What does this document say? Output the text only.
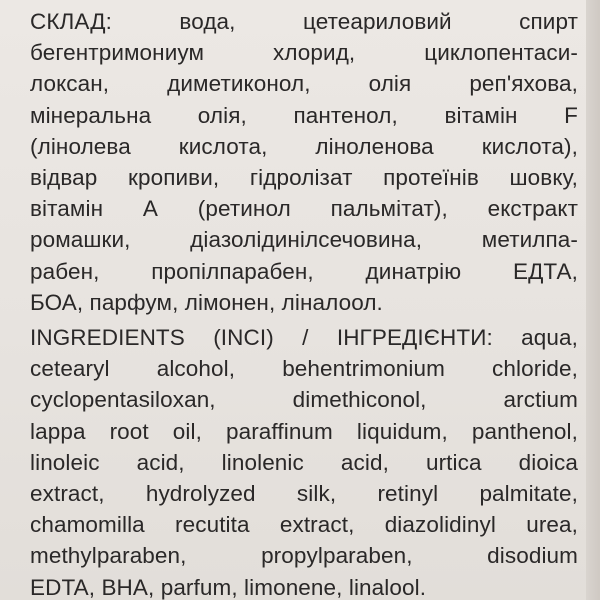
СКЛАД: вода, цетеариловий спирт
бегентримониум хлорид, циклопентаси-
локсан, диметиконол, олія реп'яхова,
мінеральна олія, пантенол, вітамін F
(лінолева кислота, ліноленова кислота),
відвар кропиви, гідролізат протеїнів шовку,
вітамін А (ретинол пальмітат), екстракт
ромашки, діазолідинілсечовина, метилпа-
рабен, пропілпарабен, динатрію ЕДТА,
БОА, парфум, лімонен, ліналоол.
INGREDIENTS (INCI) / ІНГРЕДІЄНТИ: aqua,
cetearyl alcohol, behentrimonium chloride,
cyclopentasiloxan, dimethiconol, arctium
lappa root oil, paraffinum liquidum, panthenol,
linoleic acid, linolenic acid, urtica dioica
extract, hydrolyzed silk, retinyl palmitate,
chamomilla recutita extract, diazolidinyl urea,
methylparaben, propylparaben, disodium
EDTA, BHA, parfum, limonene, linalool.
